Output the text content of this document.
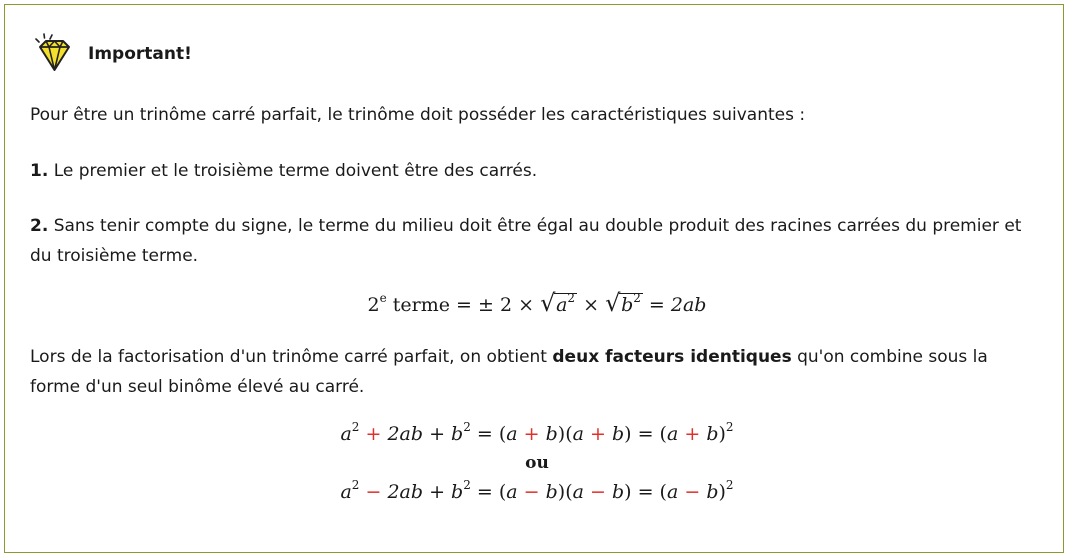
Important!

Pour être un trinôme carré parfait, le trinôme doit posséder les caractéristiques suivantes :

1. Le premier et le troisième terme doivent être des carrés.

2. Sans tenir compte du signe, le terme du milieu doit être égal au double produit des racines carrées du premier et du troisième terme.

2e terme = ± 2 × √ $a^2$ × √ $b^2 = 2ab$

Lors de la factorisation d'un trinôme carré parfait, on obtient deux facteurs identiques qu'on combine sous la forme d'un seul binôme élevé au carré.

$a^2 + 2ab + b^2 = (a + b)(a + b) = (a + b)^2$
ou
$a^2 - 2ab + b^2 = (a - b)(a - b) = (a - b)^2$
